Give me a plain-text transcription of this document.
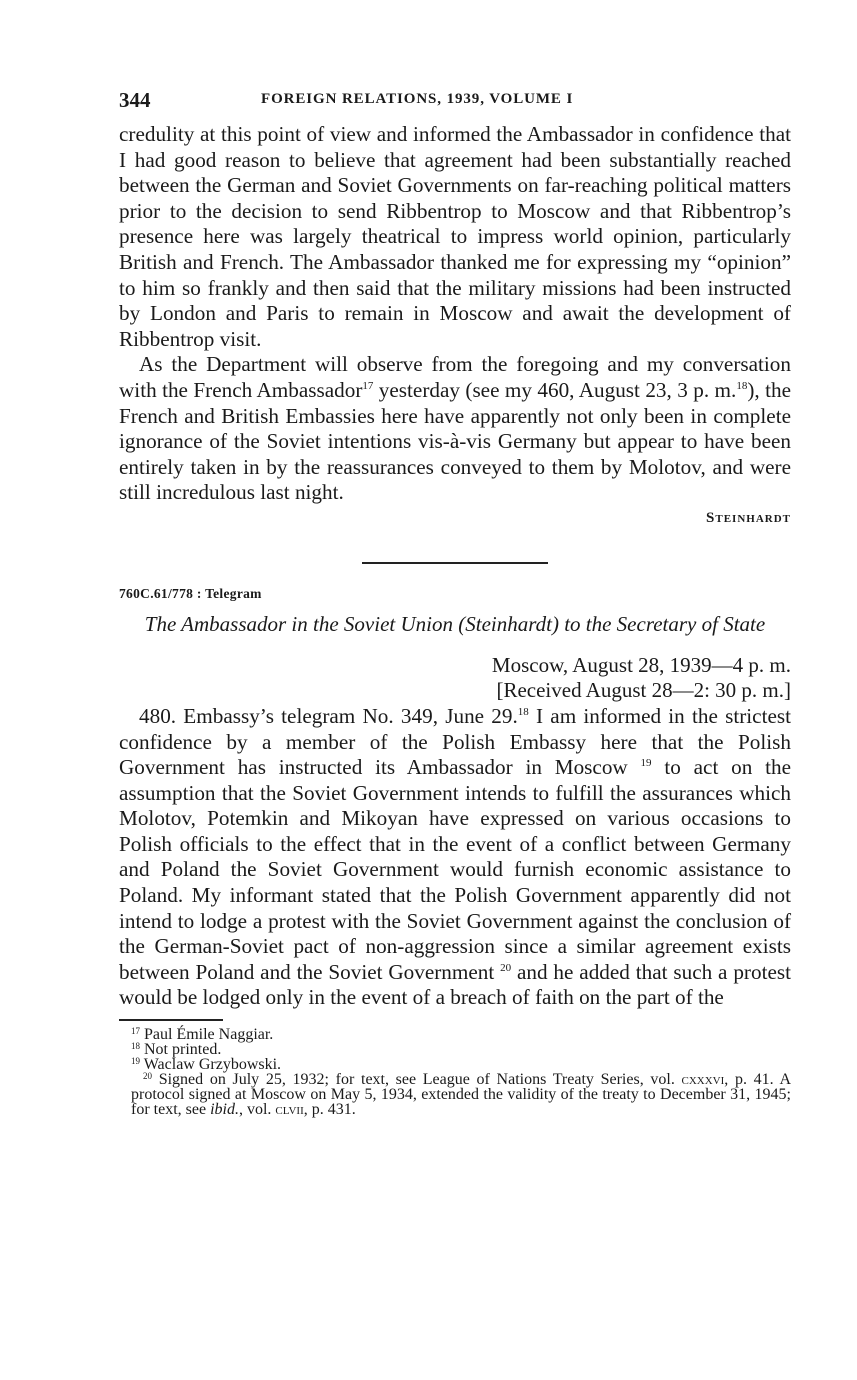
344	FOREIGN RELATIONS, 1939, VOLUME I

credulity at this point of view and informed the Ambassador in confidence that I had good reason to believe that agreement had been substantially reached between the German and Soviet Governments on far-reaching political matters prior to the decision to send Ribbentrop to Moscow and that Ribbentrop’s presence here was largely theatrical to impress world opinion, particularly British and French. The Ambassador thanked me for expressing my “opinion” to him so frankly and then said that the military missions had been instructed by London and Paris to remain in Moscow and await the development of Ribbentrop visit.

As the Department will observe from the foregoing and my conversation with the French Ambassador$^{17}$ yesterday (see my 460, August 23, 3 p. m.$^{18}$), the French and British Embassies here have apparently not only been in complete ignorance of the Soviet intentions vis-à-vis Germany but appear to have been entirely taken in by the reassurances conveyed to them by Molotov, and were still incredulous last night.

Steinhardt
760C.61/778 : Telegram
The Ambassador in the Soviet Union (Steinhardt) to the Secretary of State
Moscow, August 28, 1939—4 p. m.
[Received August 28—2: 30 p. m.]

480. Embassy’s telegram No. 349, June 29.18 I am informed in the strictest confidence by a member of the Polish Embassy here that the Polish Government has instructed its Ambassador in Moscow $^{19}$ to act on the assumption that the Soviet Government intends to fulfill the assurances which Molotov, Potemkin and Mikoyan have expressed on various occasions to Polish officials to the effect that in the event of a conflict between Germany and Poland the Soviet Government would furnish economic assistance to Poland. My informant stated that the Polish Government apparently did not intend to lodge a protest with the Soviet Government against the conclusion of the German-Soviet pact of non-aggression since a similar agreement exists between Poland and the Soviet Government $^{20}$ and he added that such a protest would be lodged only in the event of a breach of faith on the part of the

$^{17}$ Paul Émile Naggiar.

$^{18}$ Not printed.

$^{19}$ Waclaw Grzybowski.

$^{20}$ Signed on July 25, 1932; for text, see League of Nations Treaty Series, vol. cxxxvi, p. 41. A protocol signed at Moscow on May 5, 1934, extended the validity of the treaty to December 31, 1945; for text, see ibid., vol. clvii, p. 431.
